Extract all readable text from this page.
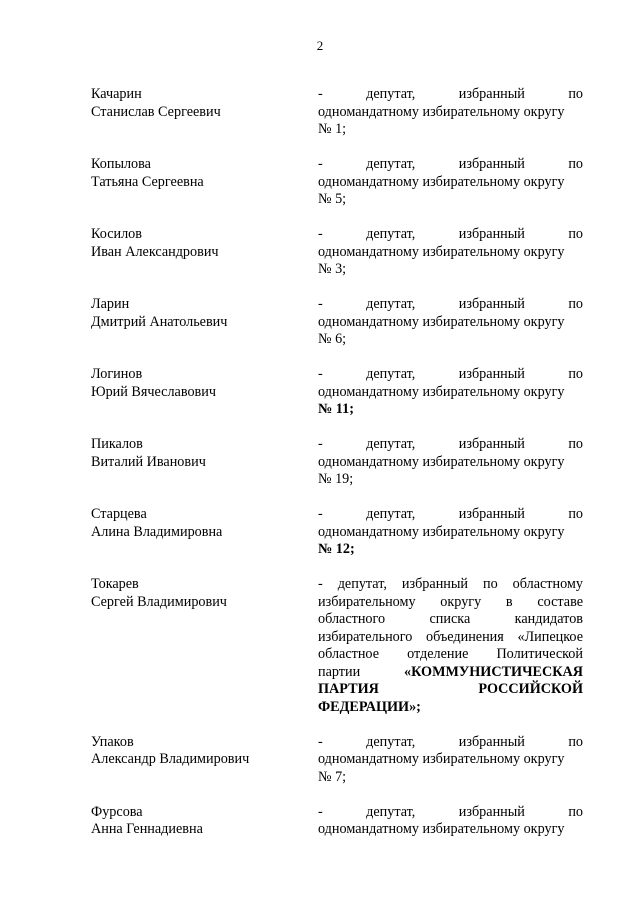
2
Качарин
Станислав Сергеевич
-	депутат,	избранный	по
одномандатному избирательному округу
№ 1;
Копылова
Татьяна Сергеевна
-	депутат,	избранный	по
одномандатному избирательному округу
№ 5;
Косилов
Иван Александрович
-	депутат,	избранный	по
одномандатному избирательному округу
№ 3;
Ларин
Дмитрий Анатольевич
-	депутат,	избранный	по
одномандатному избирательному округу
№ 6;
Логинов
Юрий Вячеславович
-	депутат,	избранный	по
одномандатному избирательному округу
№ 11;
Пикалов
Виталий Иванович
-	депутат,	избранный	по
одномандатному избирательному округу
№ 19;
Старцева
Алина Владимировна
-	депутат,	избранный	по
одномандатному избирательному округу
№ 12;
Токарев
Сергей Владимирович
- депутат, избранный по областному
избирательному округу в составе
областного списка кандидатов
избирательного объединения «Липецкое
областное отделение Политической
партии	«КОММУНИСТИЧЕСКАЯ
ПАРТИЯ	РОССИЙСКОЙ
ФЕДЕРАЦИИ»;
Упаков
Александр Владимирович
-	депутат,	избранный	по
одномандатному избирательному округу
№ 7;
Фурсова
Анна Геннадиевна
-	депутат,	избранный	по
одномандатному избирательному округу
